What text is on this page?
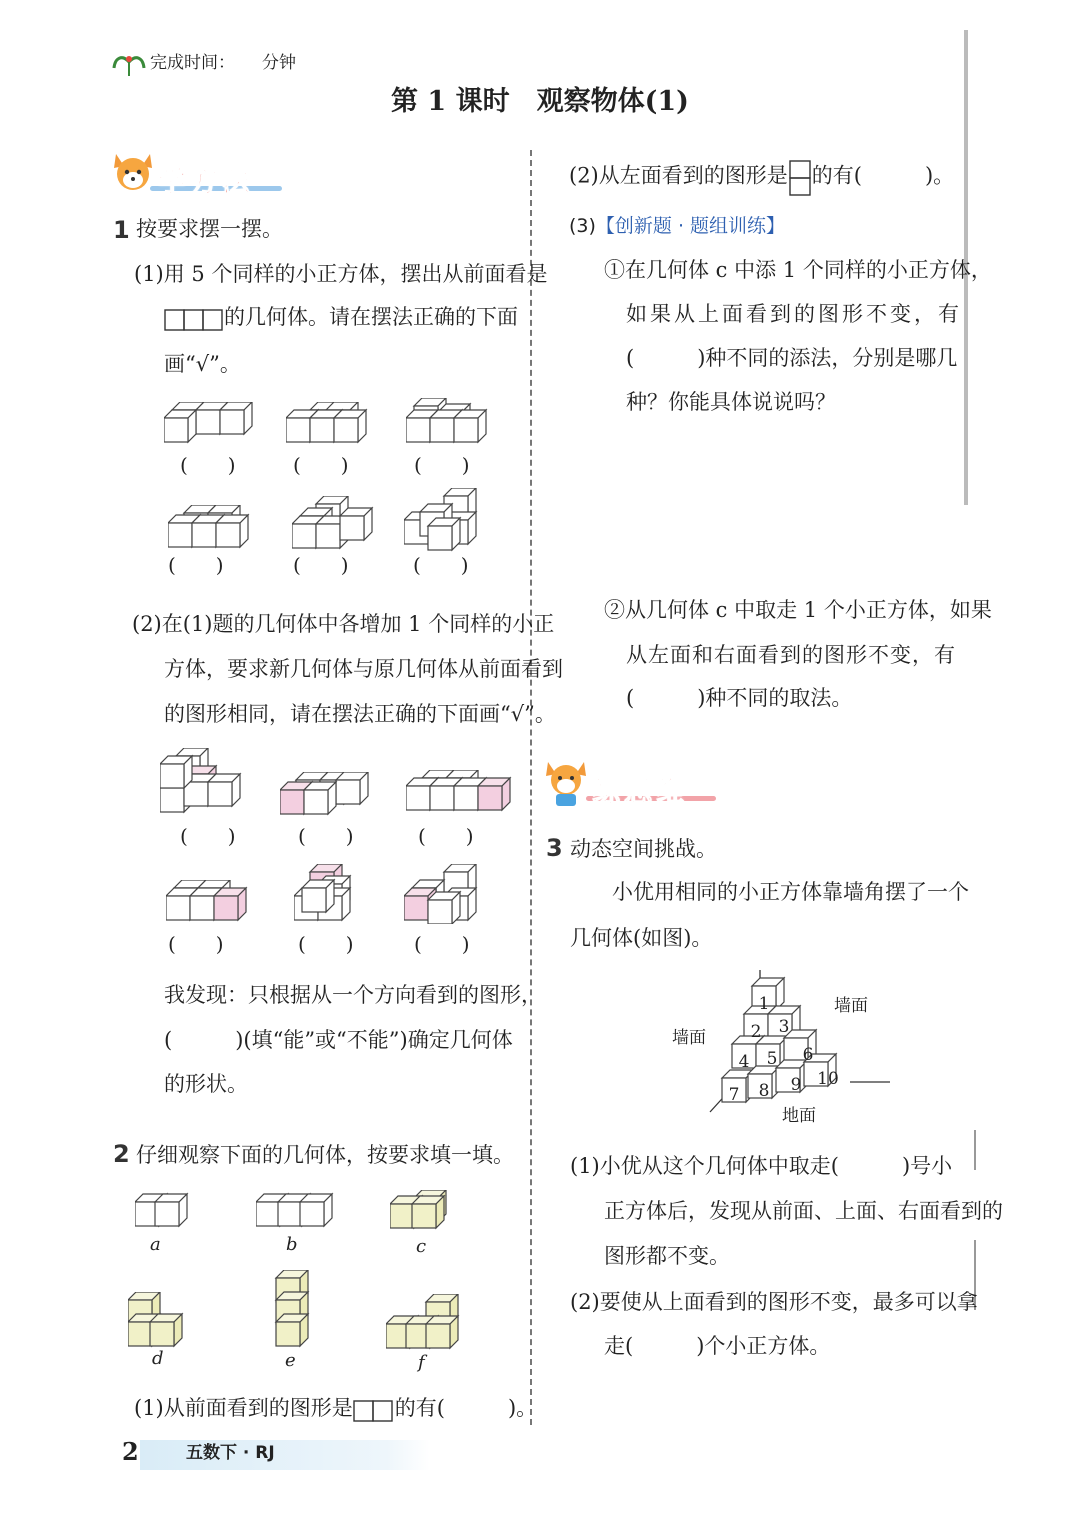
完成时间： 分钟
第 1 课时　观察物体(1)
学方法
1 按要求摆一摆。
(1)用 5 个同样的小正方体，摆出从前面看是
的几何体。请在摆法正确的下面
画“√”。
(　　)	(　　)	(　　)
(　　)	(　　)	(　　)
(2)在(1)题的几何体中各增加 1 个同样的小正
方体，要求新几何体与原几何体从前面看到
的图形相同，请在摆法正确的下面画“√”。
(　　)	(　　)	(　　)
(　　)	(　　)	(　　)
我发现：只根据从一个方向看到的图形，
(　　　)(填“能”或“不能”)确定几何体
的形状。
2 仔细观察下面的几何体，按要求填一填。
a	b	c
d	e	f
(1)从前面看到的图形是 的有(　　　)。
(2)从左面看到的图形是 的有(　　　)。
(3)【创新题 · 题组训练】
①在几何体 c 中添 1 个同样的小正方体，
如果从上面看到的图形不变，有
(　　　)种不同的添法，分别是哪几
种？你能具体说说吗？
②从几何体 c 中取走 1 个小正方体，如果
从左面和右面看到的图形不变，有
(　　　)种不同的取法。
练思维
3 动态空间挑战。
小优用相同的小正方体靠墙角摆了一个
几何体(如图)。
1
2 3
4 5 6
7 8 9 10
墙面
墙面
地面
(1)小优从这个几何体中取走(　　　)号小
正方体后，发现从前面、上面、右面看到的
图形都不变。
(2)要使从上面看到的图形不变，最多可以拿
走(　　　)个小正方体。
2	五数下 · RJ
